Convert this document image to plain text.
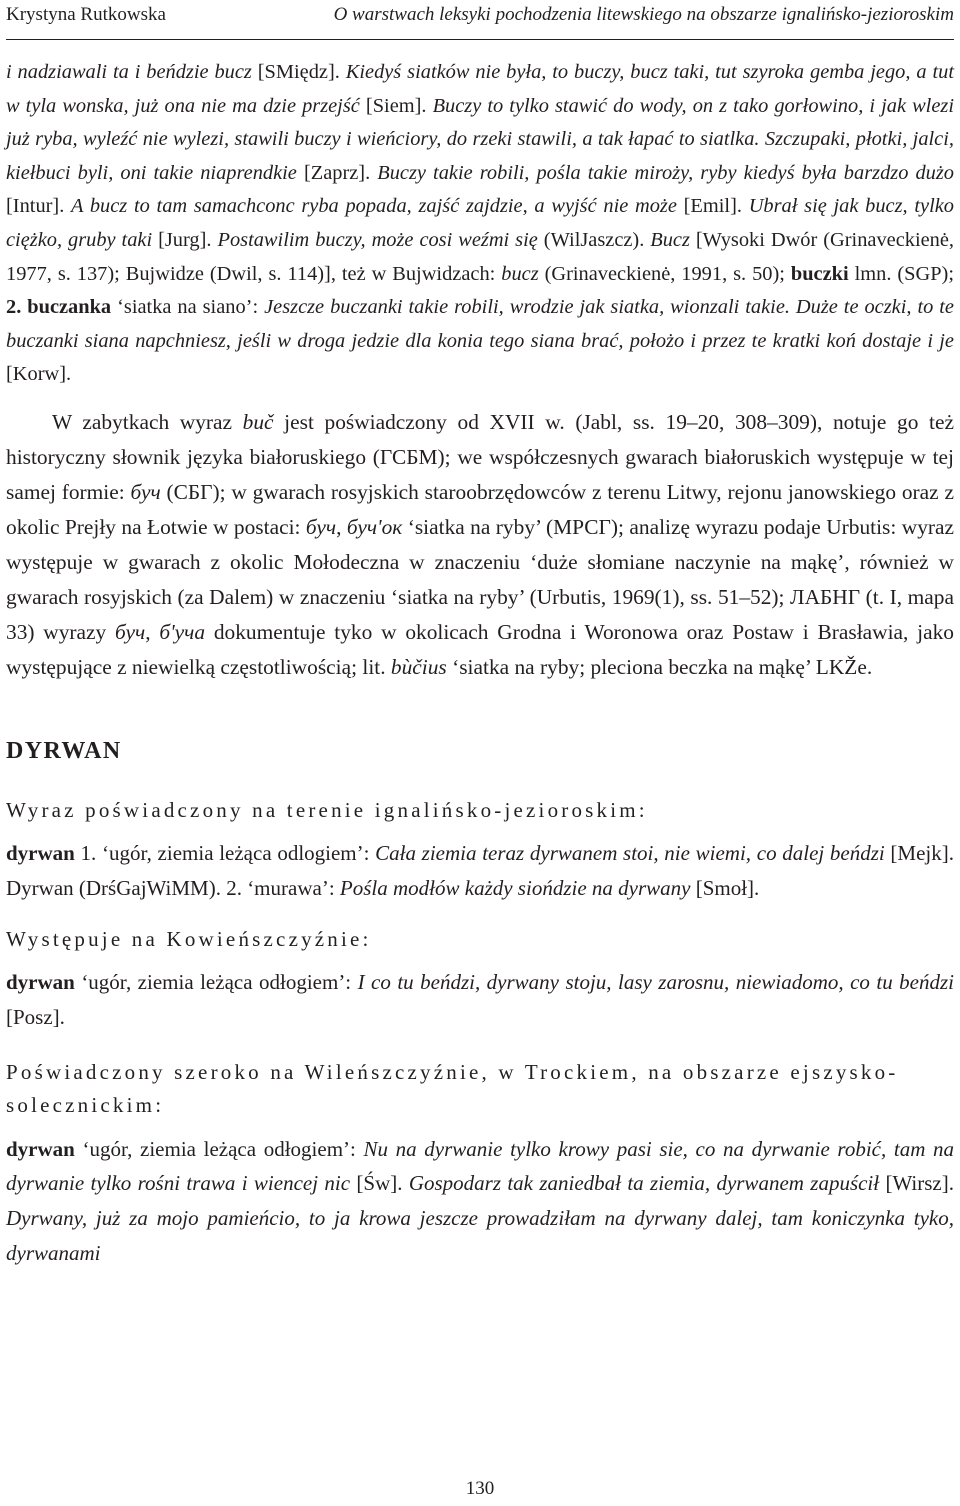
Krystyna Rutkowska	O warstwach leksyki pochodzenia litewskiego na obszarze ignalińsko-jezioroskim

i nadziawali ta i beńdzie bucz [SMiędz]. Kiedyś siatków nie była, to buczy, bucz taki, tut szyroka gemba jego, a tut w tyla wonska, już ona nie ma dzie przejść [Siem]. Buczy to tylko stawić do wody, on z tako gorłowino, i jak wlezi już ryba, wyleźć nie wylezi, stawili buczy i wieńciory, do rzeki stawili, a tak łapać to siatlka. Szczupaki, płotki, jalci, kiełbuci byli, oni takie niaprendkie [Zaprz]. Buczy takie robili, pośla takie miroży, ryby kiedyś była barzdzo dużo [Intur]. A bucz to tam samachconc ryba popada, zajść zajdzie, a wyjść nie może [Emil]. Ubrał się jak bucz, tylko ciężko, gruby taki [Jurg]. Postawilim buczy, może cosi weźmi się (WilJaszcz). Bucz [Wysoki Dwór (Grinaveckienė, 1977, s. 137); Bujwidze (Dwil, s. 114)], też w Bujwidzach: bucz (Grinaveckienė, 1991, s. 50); buczki lmn. (SGP); 2. buczanka ‘siatka na siano’: Jeszcze buczanki takie robili, wrodzie jak siatka, wionzali takie. Duże te oczki, to te buczanki siana napchniesz, jeśli w droga jedzie dla konia tego siana brać, położo i przez te kratki koń dostaje i je [Korw].

W zabytkach wyraz buč jest poświadczony od XVII w. (Jabl, ss. 19–20, 308–309), notuje go też historyczny słownik języka białoruskiego (ГСБМ); we współczesnych gwarach białoruskich występuje w tej samej formie: буч (СБГ); w gwarach rosyjskich staroobrzędowców z terenu Litwy, rejonu janowskiego oraz z okolic Prejły na Łotwie w postaci: буч, буч'ок ‘siatka na ryby’ (МРСГ); analizę wyrazu podaje Urbutis: wyraz występuje w gwarach z okolic Mołodeczna w znaczeniu ‘duże słomiane naczynie na mąkę’, również w gwarach rosyjskich (za Dalem) w znaczeniu ‘siatka na ryby’ (Urbutis, 1969(1), ss. 51–52); ЛАБНГ (t. I, mapa 33) wyrazy буч, б'уча dokumentuje tyko w okolicach Grodna i Woronowa oraz Postaw i Brasławia, jako występujące z niewielką częstotliwością; lit. bùčius ‘siatka na ryby; pleciona beczka na mąkę’ LKŽe.

DYRWAN
Wyraz poświadczony na terenie ignalińsko-jezioroskim:

dyrwan 1. ‘ugór, ziemia leżąca odlogiem’: Cała ziemia teraz dyrwanem stoi, nie wiemi, co dalej beńdzi [Mejk]. Dyrwan (DrśGajWiMM). 2. ‘murawa’: Pośla modłów każdy siońdzie na dyrwany [Smoł].

Występuje na Kowieńszczyźnie:

dyrwan ‘ugór, ziemia leżąca odłogiem’: I co tu beńdzi, dyrwany stoju, lasy zarosnu, niewiadomo, co tu beńdzi [Posz].

Poświadczony szeroko na Wileńszczyźnie, w Trockiem, na obszarze ejszysko-solecznickim:

dyrwan ‘ugór, ziemia leżąca odłogiem’: Nu na dyrwanie tylko krowy pasi sie, co na dyrwanie robić, tam na dyrwanie tylko rośni trawa i wiencej nic [Św]. Gospodarz tak zaniedbał ta ziemia, dyrwanem zapuścił [Wirsz]. Dyrwany, już za mojo pamieńcio, to ja krowa jeszcze prowadziłam na dyrwany dalej, tam koniczynka tyko, dyrwanami

130
